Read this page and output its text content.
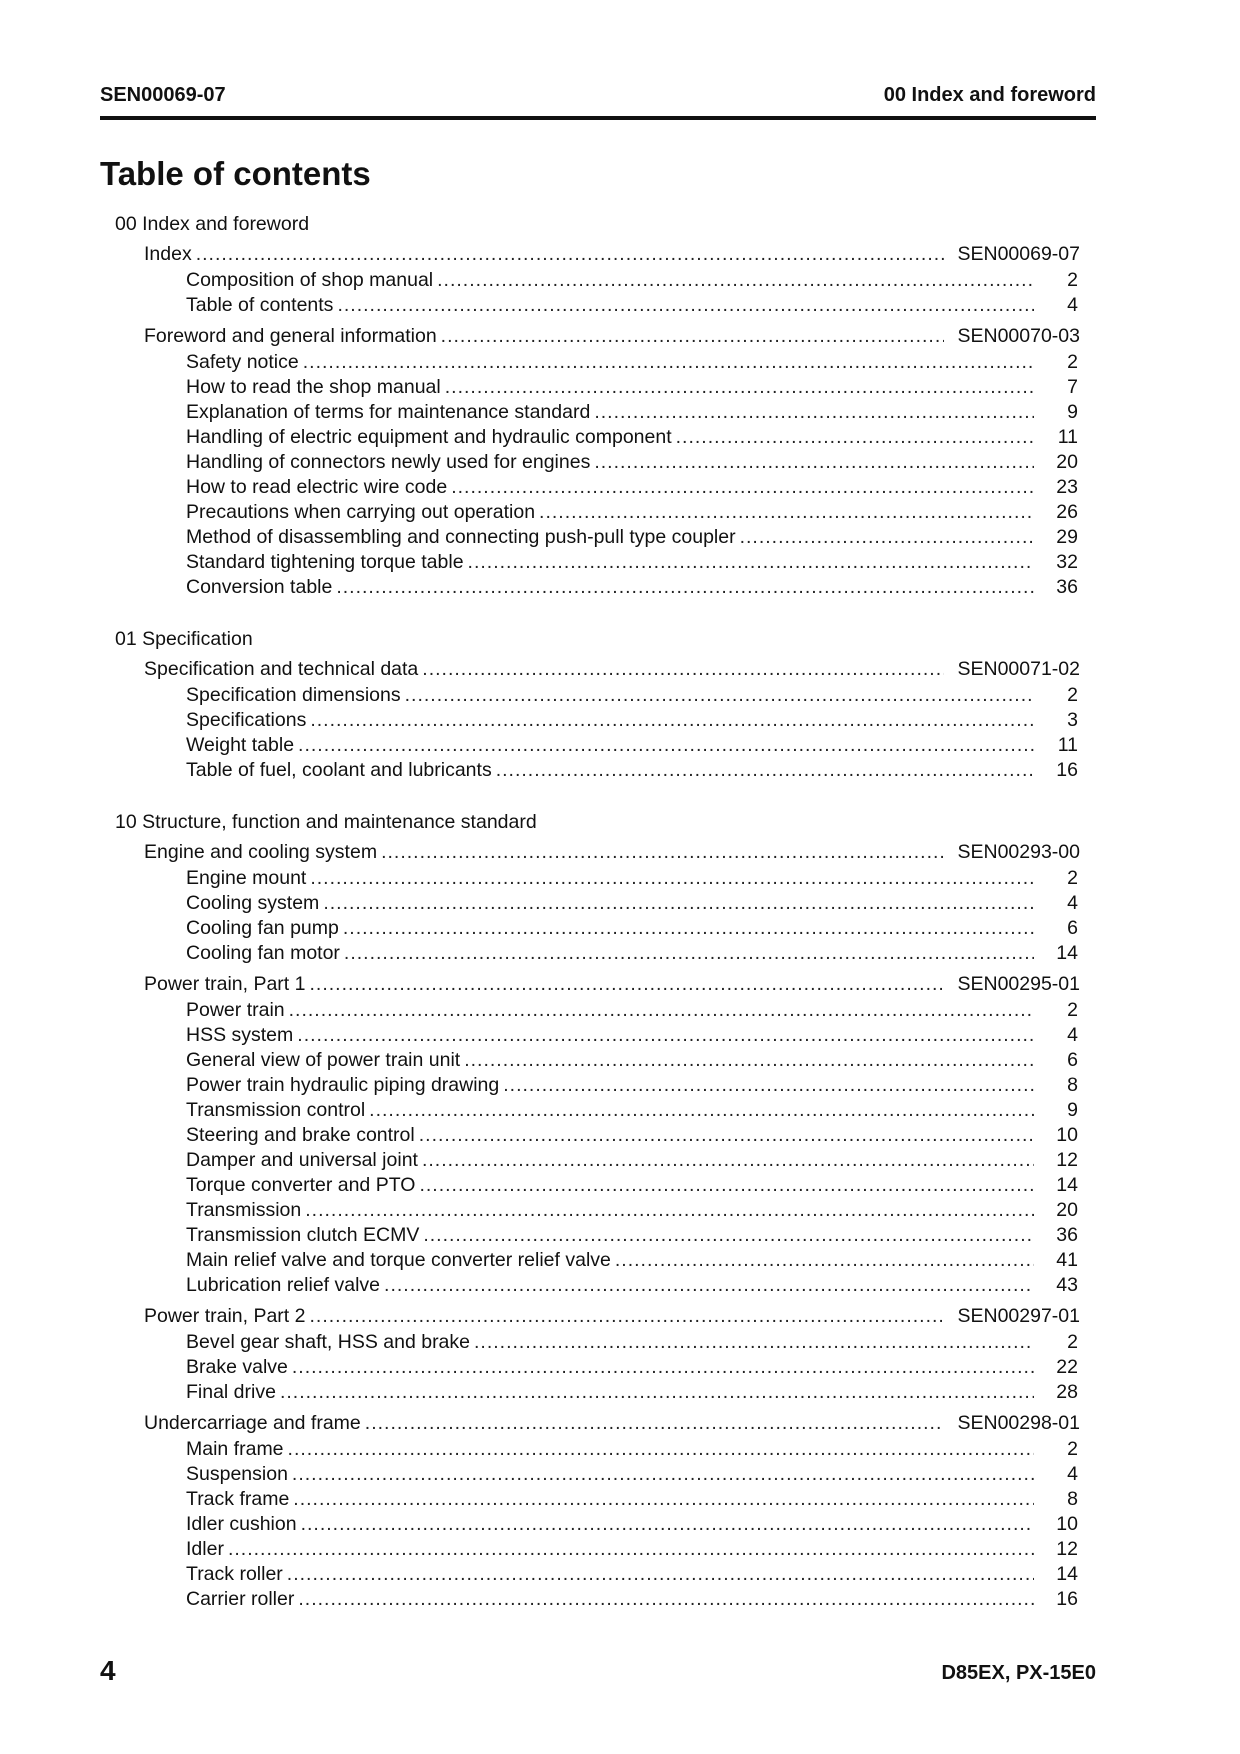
SEN00069-07	00 Index and foreword
Table of contents
00 Index and foreword
Index .....	SEN00069-07
Composition of shop manual .....	2
Table of contents .....	4
Foreword and general information .....	SEN00070-03
Safety notice .....	2
How to read the shop manual .....	7
Explanation of terms for maintenance standard .....	9
Handling of electric equipment and hydraulic component .....	11
Handling of connectors newly used for engines .....	20
How to read electric wire code .....	23
Precautions when carrying out operation .....	26
Method of disassembling and connecting push-pull type coupler .....	29
Standard tightening torque table .....	32
Conversion table .....	36
01 Specification
Specification and technical data .....	SEN00071-02
Specification dimensions .....	2
Specifications .....	3
Weight table .....	11
Table of fuel, coolant and lubricants .....	16
10 Structure, function and maintenance standard
Engine and cooling system .....	SEN00293-00
Engine mount .....	2
Cooling system .....	4
Cooling fan pump .....	6
Cooling fan motor .....	14
Power train, Part 1 .....	SEN00295-01
Power train .....	2
HSS system .....	4
General view of power train unit .....	6
Power train hydraulic piping drawing .....	8
Transmission control .....	9
Steering and brake control .....	10
Damper and universal joint .....	12
Torque converter and PTO .....	14
Transmission .....	20
Transmission clutch ECMV .....	36
Main relief valve and torque converter relief valve .....	41
Lubrication relief valve .....	43
Power train, Part 2 .....	SEN00297-01
Bevel gear shaft, HSS and brake .....	2
Brake valve .....	22
Final drive .....	28
Undercarriage and frame .....	SEN00298-01
Main frame .....	2
Suspension .....	4
Track frame .....	8
Idler cushion .....	10
Idler .....	12
Track roller .....	14
Carrier roller .....	16
4	D85EX, PX-15E0
